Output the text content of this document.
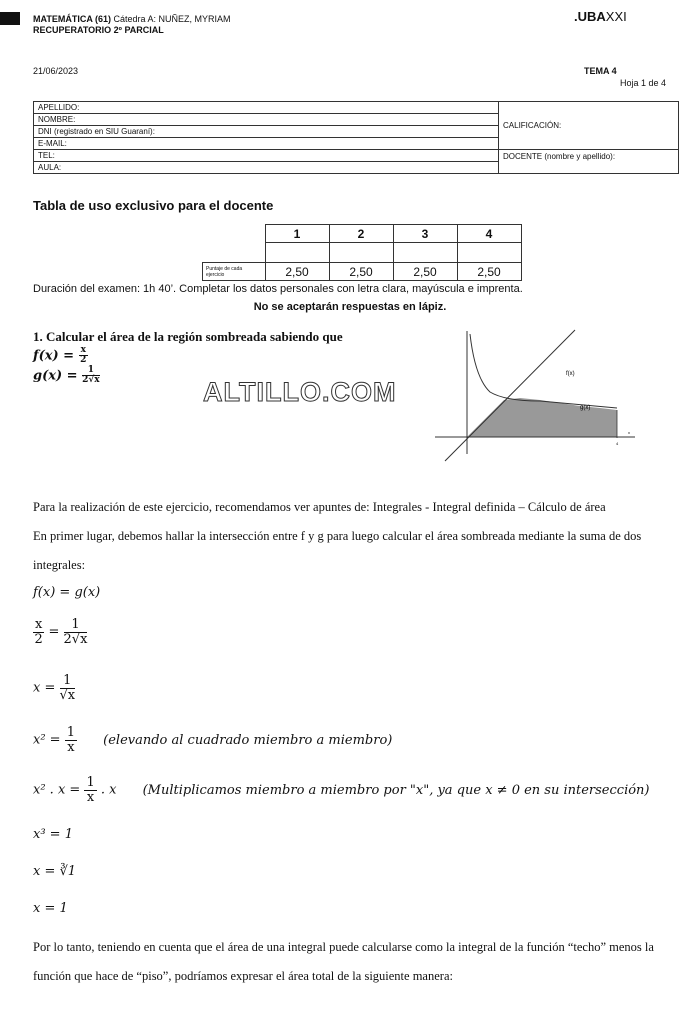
MATEMÁTICA (61) Cátedra A: NUÑEZ, MYRIAM
RECUPERATORIO 2º PARCIAL
.UBAXXI
21/06/2023	TEMA 4
Hoja 1 de 4
APELLIDO:	CALIFICACIÓN:
NOMBRE:	
DNI (registrado en SIU Guaraní):	
E-MAIL:	
TEL:	DOCENTE (nombre y apellido):
AULA:	
Tabla de uso exclusivo para el docente
	1	2	3	4

Puntaje de cada ejercicio	2,50	2,50	2,50	2,50
Duración del examen: 1h 40’. Completar los datos personales con letra clara, mayúscula e imprenta.
No se aceptarán respuestas en lápiz.
1. Calcular el área de la región sombreada sabiendo que
$f(x) = \frac{x}{2}$
$g(x) = \frac{1}{2√x}$
ALTILLO.COM
f(x)
g(x)
4
x
Para la realización de este ejercicio, recomendamos ver apuntes de: Integrales - Integral definida – Cálculo de área
En primer lugar, debemos hallar la intersección entre f y g para luego calcular el área sombreada mediante la suma de dos integrales:
f(x) = g(x)
$\frac{x}{2} = \frac{1}{2√x}$
$x = \frac{1}{√x}$
$x^2 = \frac{1}{x}$ (elevando al cuadrado miembro a miembro)
x² . $x = \frac{1}{x}$ . x (Multiplicamos miembro a miembro por "x", ya que x ≠ 0 en su intersección)
x³ = 1
x = ∛1
x = 1
Por lo tanto, teniendo en cuenta que el área de una integral puede calcularse como la integral de la función “techo” menos la función que hace de “piso”, podríamos expresar el área total de la siguiente manera:
